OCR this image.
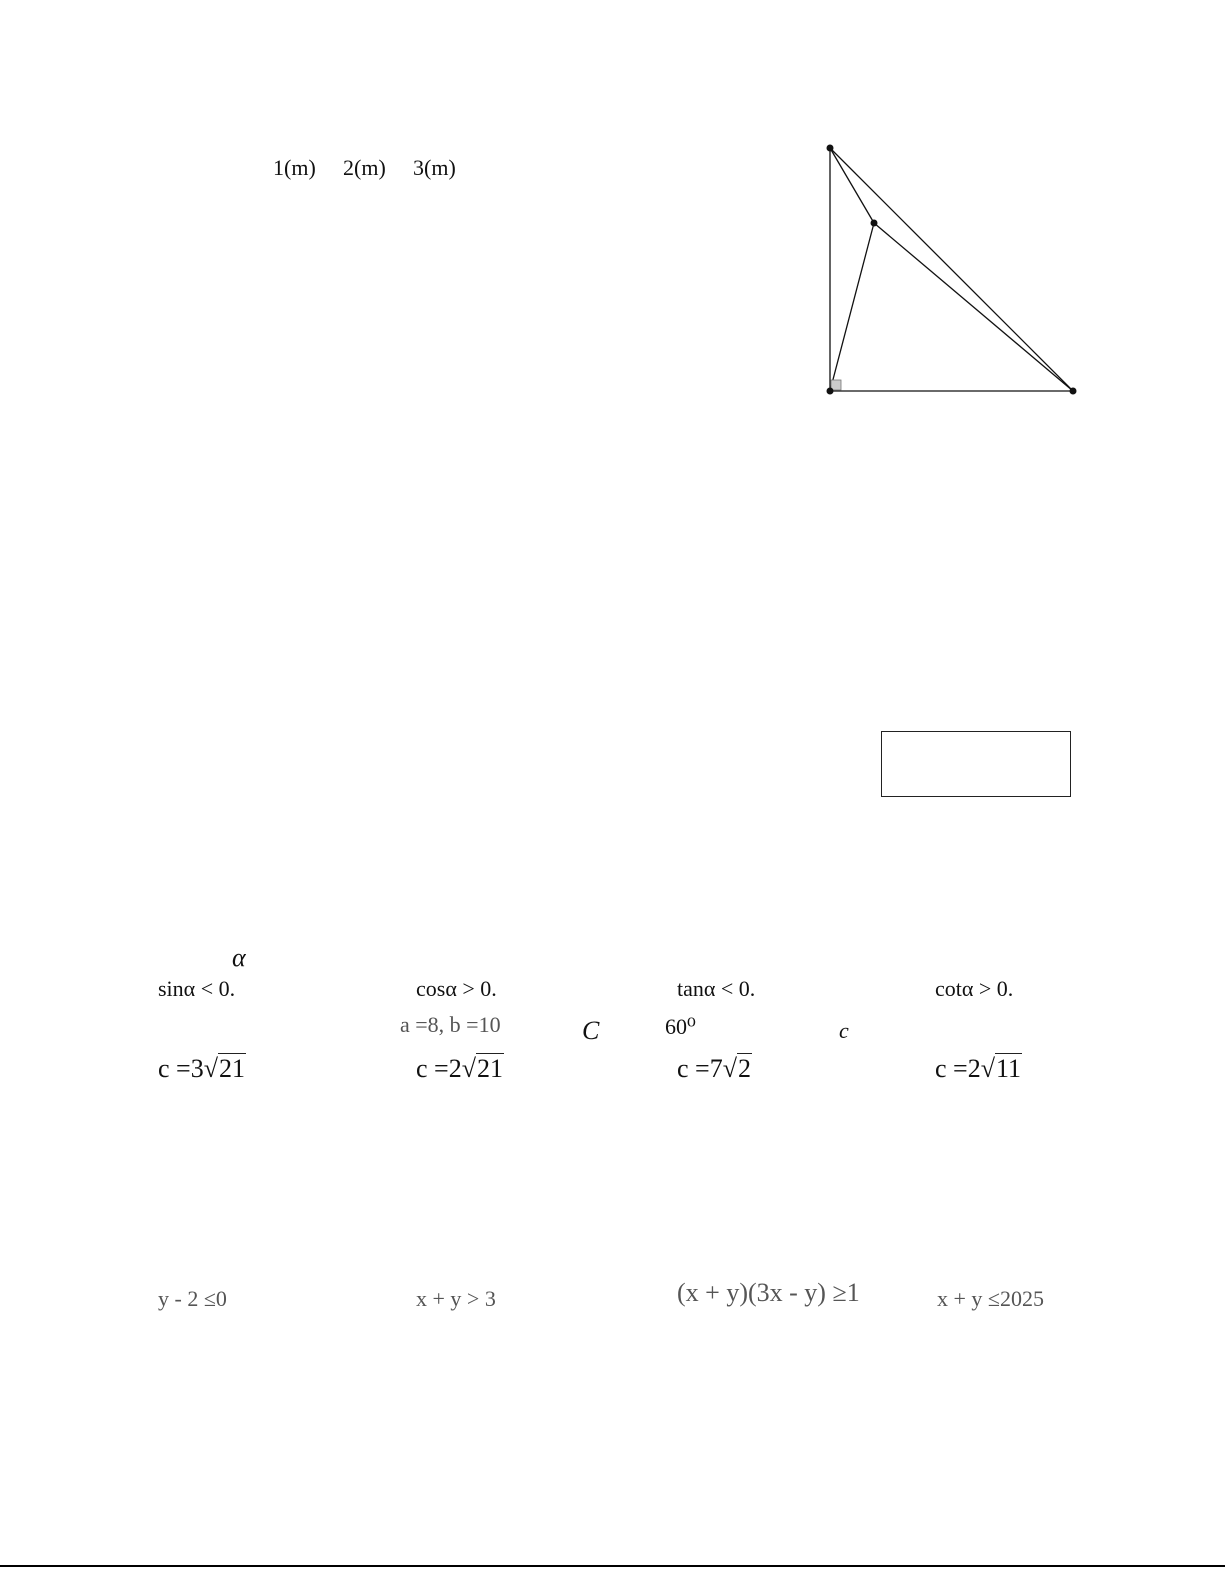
1(m) 2(m) 3(m)
α
sinα < 0.	cosα > 0.	tanα < 0.	cotα > 0.
a =8, b =10	C	60⁰	c
c =3√21	c =2√21	c =7√2	c =2√11
y - 2 ≤0	x + y > 3	(x + y)(3x - y) ≥1	x + y ≤2025
